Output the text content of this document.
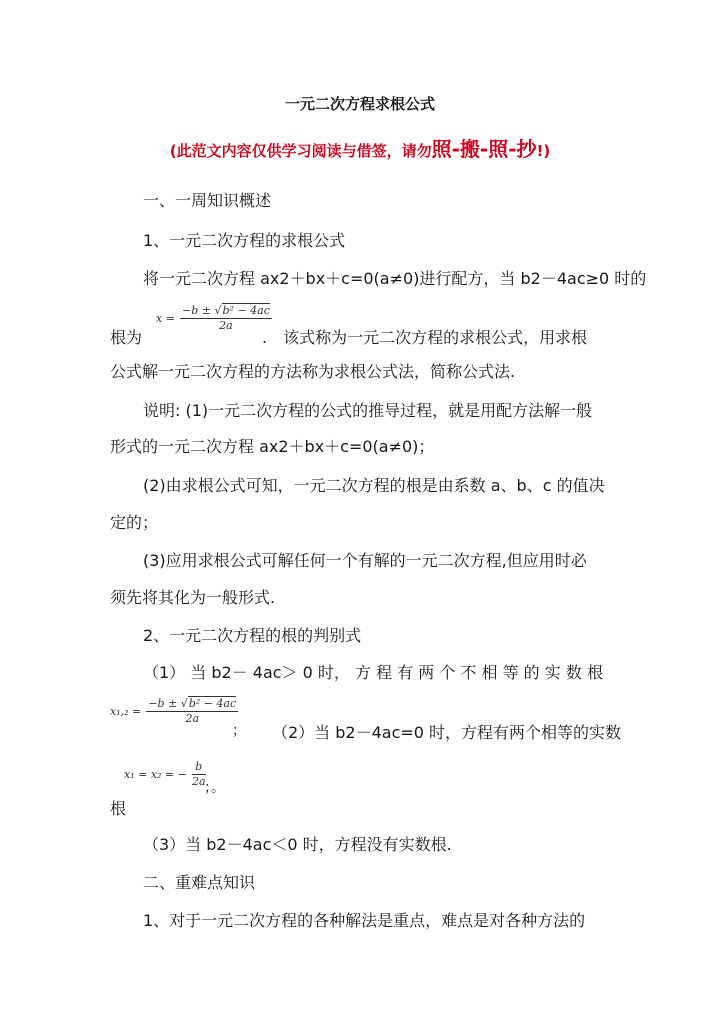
一元二次方程求根公式
(此范文内容仅供学习阅读与借签，请勿照-搬-照-抄!)
一、一周知识概述
1、一元二次方程的求根公式
将一元二次方程 ax2＋bx＋c=0(a≠0)进行配方，当 b2－4ac≥0 时的
根为
$x = \frac{\text{−b ± √b² − 4ac}}{2a}$
.　该式称为一元二次方程的求根公式，用求根
公式解一元二次方程的方法称为求根公式法，简称公式法.
说明: (1)一元二次方程的公式的推导过程，就是用配方法解一般
形式的一元二次方程 ax2＋bx＋c=0(a≠0)；
(2)由求根公式可知，一元二次方程的根是由系数 a、b、c 的值决
定的；
(3)应用求根公式可解任何一个有解的一元二次方程,但应用时必
须先将其化为一般形式.
2、一元二次方程的根的判别式
（1） 当 b2－ 4ac＞ 0 时， 方 程 有 两 个 不 相 等 的 实 数 根
$x_1,_2 = \frac{\text{−b ± √b² − 4ac}}{2a}$
； （2）当 b2－4ac=0 时，方程有两个相等的实数
x₁ = x₂ = − $\frac{b}{2a}$
；。
根
（3）当 b2－4ac＜0 时，方程没有实数根.
二、重难点知识
1、对于一元二次方程的各种解法是重点，难点是对各种方法的
